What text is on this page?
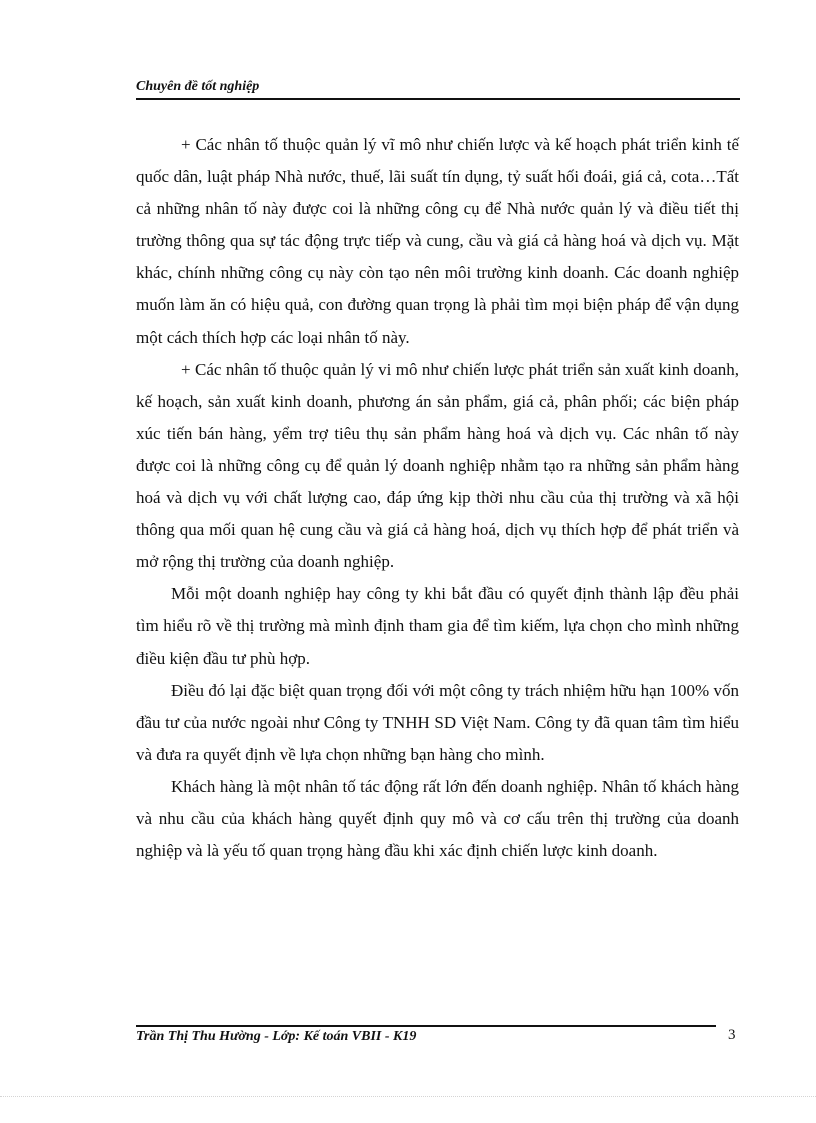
Chuyên đề tốt nghiệp

+ Các nhân tố thuộc quản lý vĩ mô như chiến lược và kế hoạch phát triển kinh tế quốc dân, luật pháp Nhà nước, thuế, lãi suất tín dụng, tỷ suất hối đoái, giá cả, cota…Tất cả những nhân tố này được coi là những công cụ để Nhà nước quản lý và điều tiết thị trường thông qua sự tác động trực tiếp và cung, cầu và giá cả hàng hoá và dịch vụ. Mặt khác, chính những công cụ này còn tạo nên môi trường kinh doanh. Các doanh nghiệp muốn làm ăn có hiệu quả, con đường quan trọng là phải tìm mọi biện pháp để vận dụng một cách thích hợp các loại nhân tố này.

+ Các nhân tố thuộc quản lý vi mô như chiến lược phát triển sản xuất kinh doanh, kế hoạch, sản xuất kinh doanh, phương án sản phẩm, giá cả, phân phối; các biện pháp xúc tiến bán hàng, yểm trợ tiêu thụ sản phẩm hàng hoá và dịch vụ. Các nhân tố này được coi là những công cụ để quản lý doanh nghiệp nhằm tạo ra những sản phẩm hàng hoá và dịch vụ với chất lượng cao, đáp ứng kịp thời nhu cầu của thị trường và xã hội thông qua mối quan hệ cung cầu và giá cả hàng hoá, dịch vụ thích hợp để phát triển và mở rộng thị trường của doanh nghiệp.

Mỗi một doanh nghiệp hay công ty khi bắt đầu có quyết định thành lập đều phải tìm hiểu rõ về thị trường mà mình định tham gia để tìm kiếm, lựa chọn cho mình những điều kiện đầu tư phù hợp.

Điều đó lại đặc biệt quan trọng đối với một công ty trách nhiệm hữu hạn 100% vốn đầu tư của nước ngoài như Công ty TNHH SD Việt Nam. Công ty đã quan tâm tìm hiểu và đưa ra quyết định về lựa chọn những bạn hàng cho mình.

Khách hàng là một nhân tố tác động rất lớn đến doanh nghiệp. Nhân tố khách hàng và nhu cầu của khách hàng quyết định quy mô và cơ cấu trên thị trường của doanh nghiệp và là yếu tố quan trọng hàng đầu khi xác định chiến lược kinh doanh.

Trần Thị Thu Hường - Lớp: Kế toán VBII - K19	3
